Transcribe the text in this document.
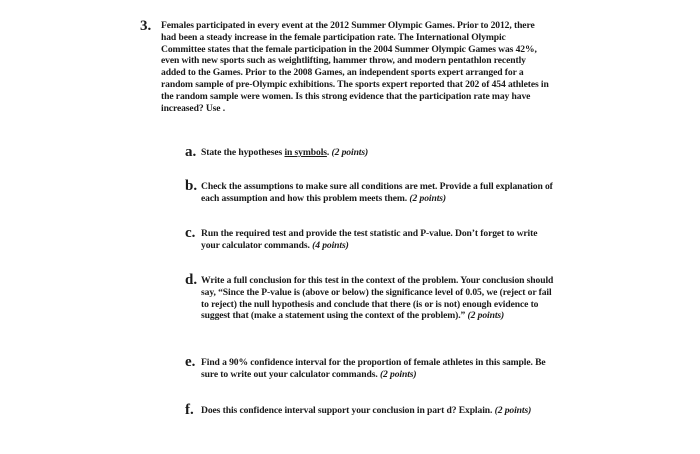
3. Females participated in every event at the 2012 Summer Olympic Games. Prior to 2012, there had been a steady increase in the female participation rate. The International Olympic Committee states that the female participation in the 2004 Summer Olympic Games was 42%, even with new sports such as weightlifting, hammer throw, and modern pentathlon recently added to the Games. Prior to the 2008 Games, an independent sports expert arranged for a random sample of pre-Olympic exhibitions. The sports expert reported that 202 of 454 athletes in the random sample were women. Is this strong evidence that the participation rate may have increased? Use .
a. State the hypotheses in symbols. (2 points)
b. Check the assumptions to make sure all conditions are met. Provide a full explanation of each assumption and how this problem meets them. (2 points)
c. Run the required test and provide the test statistic and P-value. Don’t forget to write your calculator commands. (4 points)
d. Write a full conclusion for this test in the context of the problem. Your conclusion should say, “Since the P-value is (above or below) the significance level of 0.05, we (reject or fail to reject) the null hypothesis and conclude that there (is or is not) enough evidence to suggest that (make a statement using the context of the problem).” (2 points)
e. Find a 90% confidence interval for the proportion of female athletes in this sample. Be sure to write out your calculator commands. (2 points)
f. Does this confidence interval support your conclusion in part d? Explain. (2 points)
